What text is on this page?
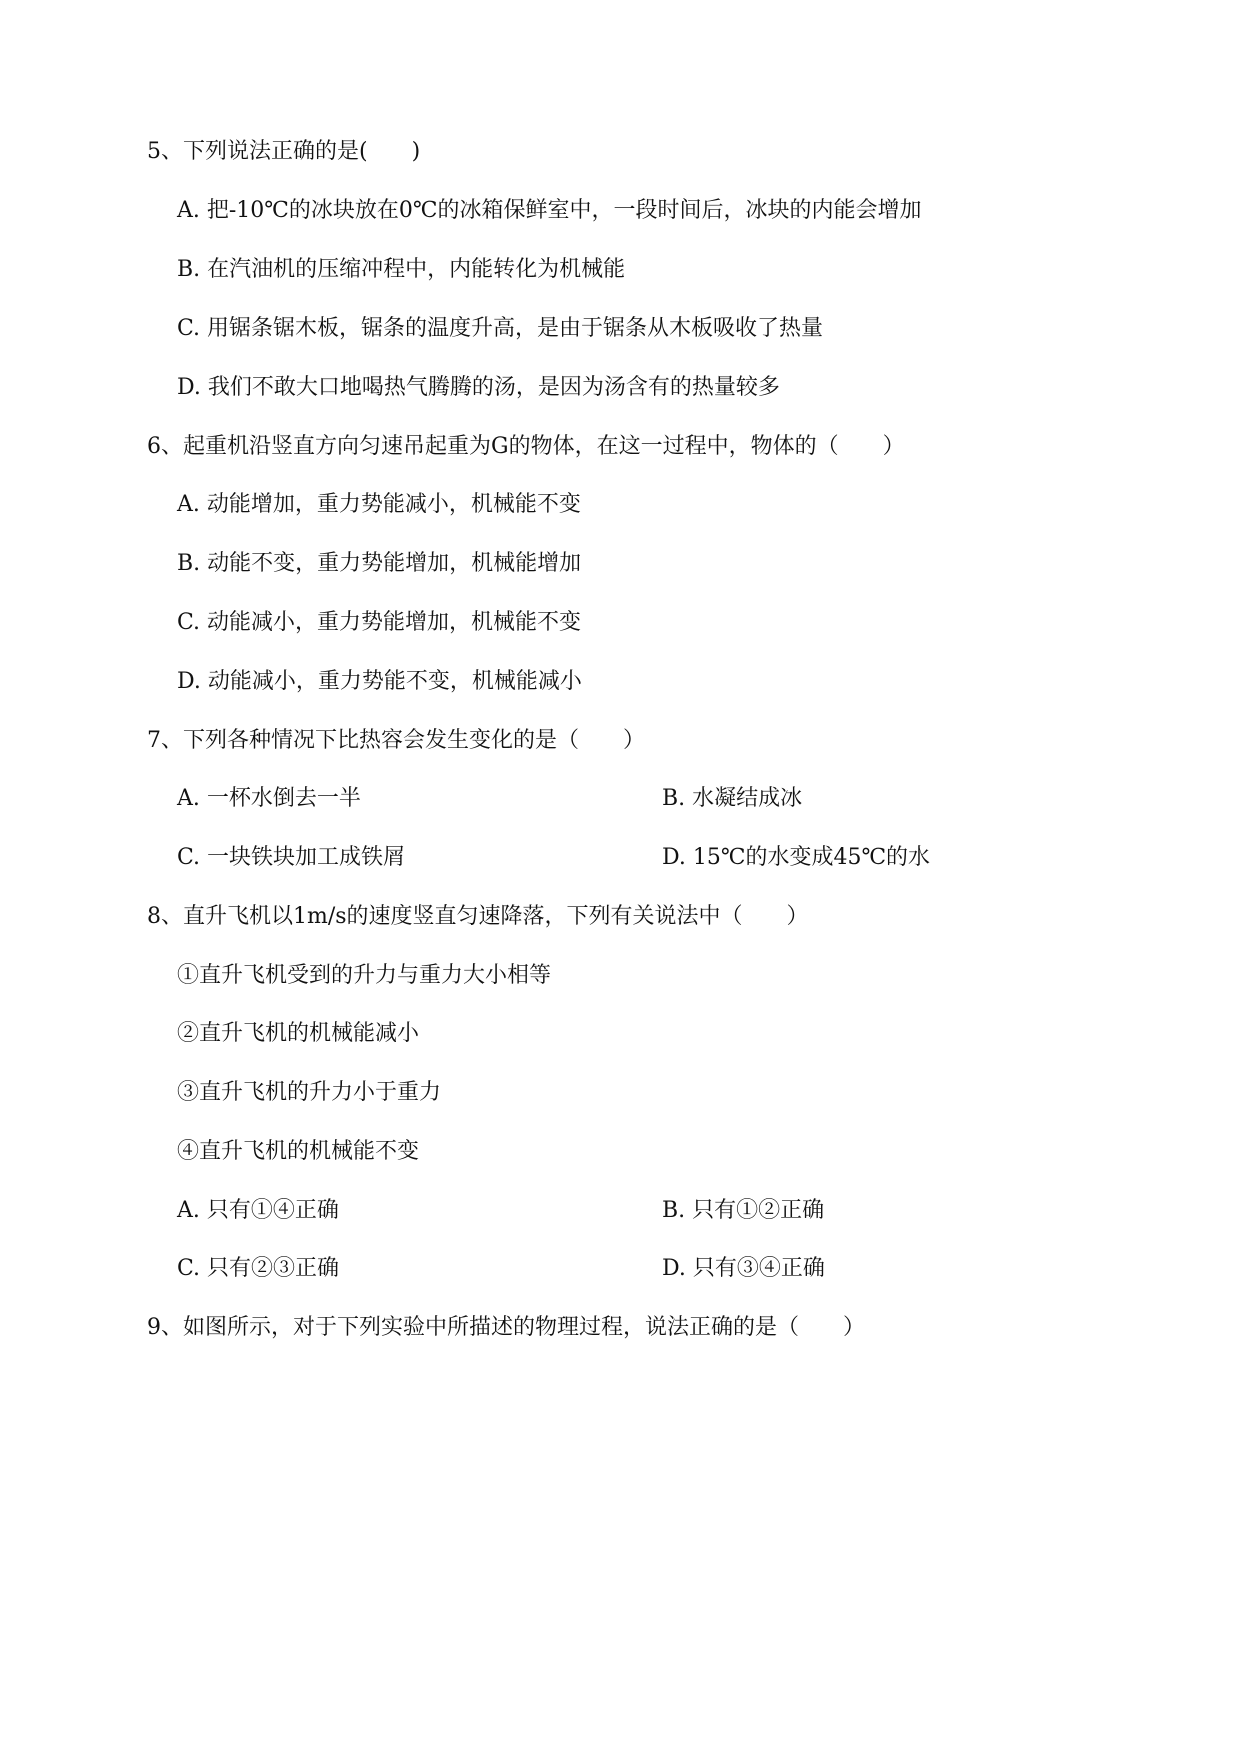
5、下列说法正确的是(　　)
A. 把-10℃的冰块放在0℃的冰箱保鲜室中，一段时间后，冰块的内能会增加
B. 在汽油机的压缩冲程中，内能转化为机械能
C. 用锯条锯木板，锯条的温度升高，是由于锯条从木板吸收了热量
D. 我们不敢大口地喝热气腾腾的汤，是因为汤含有的热量较多
6、起重机沿竖直方向匀速吊起重为G的物体，在这一过程中，物体的（　　）
A. 动能增加，重力势能减小，机械能不变
B. 动能不变，重力势能增加，机械能增加
C. 动能减小，重力势能增加，机械能不变
D. 动能减小，重力势能不变，机械能减小
7、下列各种情况下比热容会发生变化的是（　　）
A. 一杯水倒去一半	B. 水凝结成冰
C. 一块铁块加工成铁屑	D. 15℃的水变成45℃的水
8、直升飞机以1m/s的速度竖直匀速降落，下列有关说法中（　　）
①直升飞机受到的升力与重力大小相等
②直升飞机的机械能减小
③直升飞机的升力小于重力
④直升飞机的机械能不变
A. 只有①④正确	B. 只有①②正确
C. 只有②③正确	D. 只有③④正确
9、如图所示，对于下列实验中所描述的物理过程，说法正确的是（　　）
